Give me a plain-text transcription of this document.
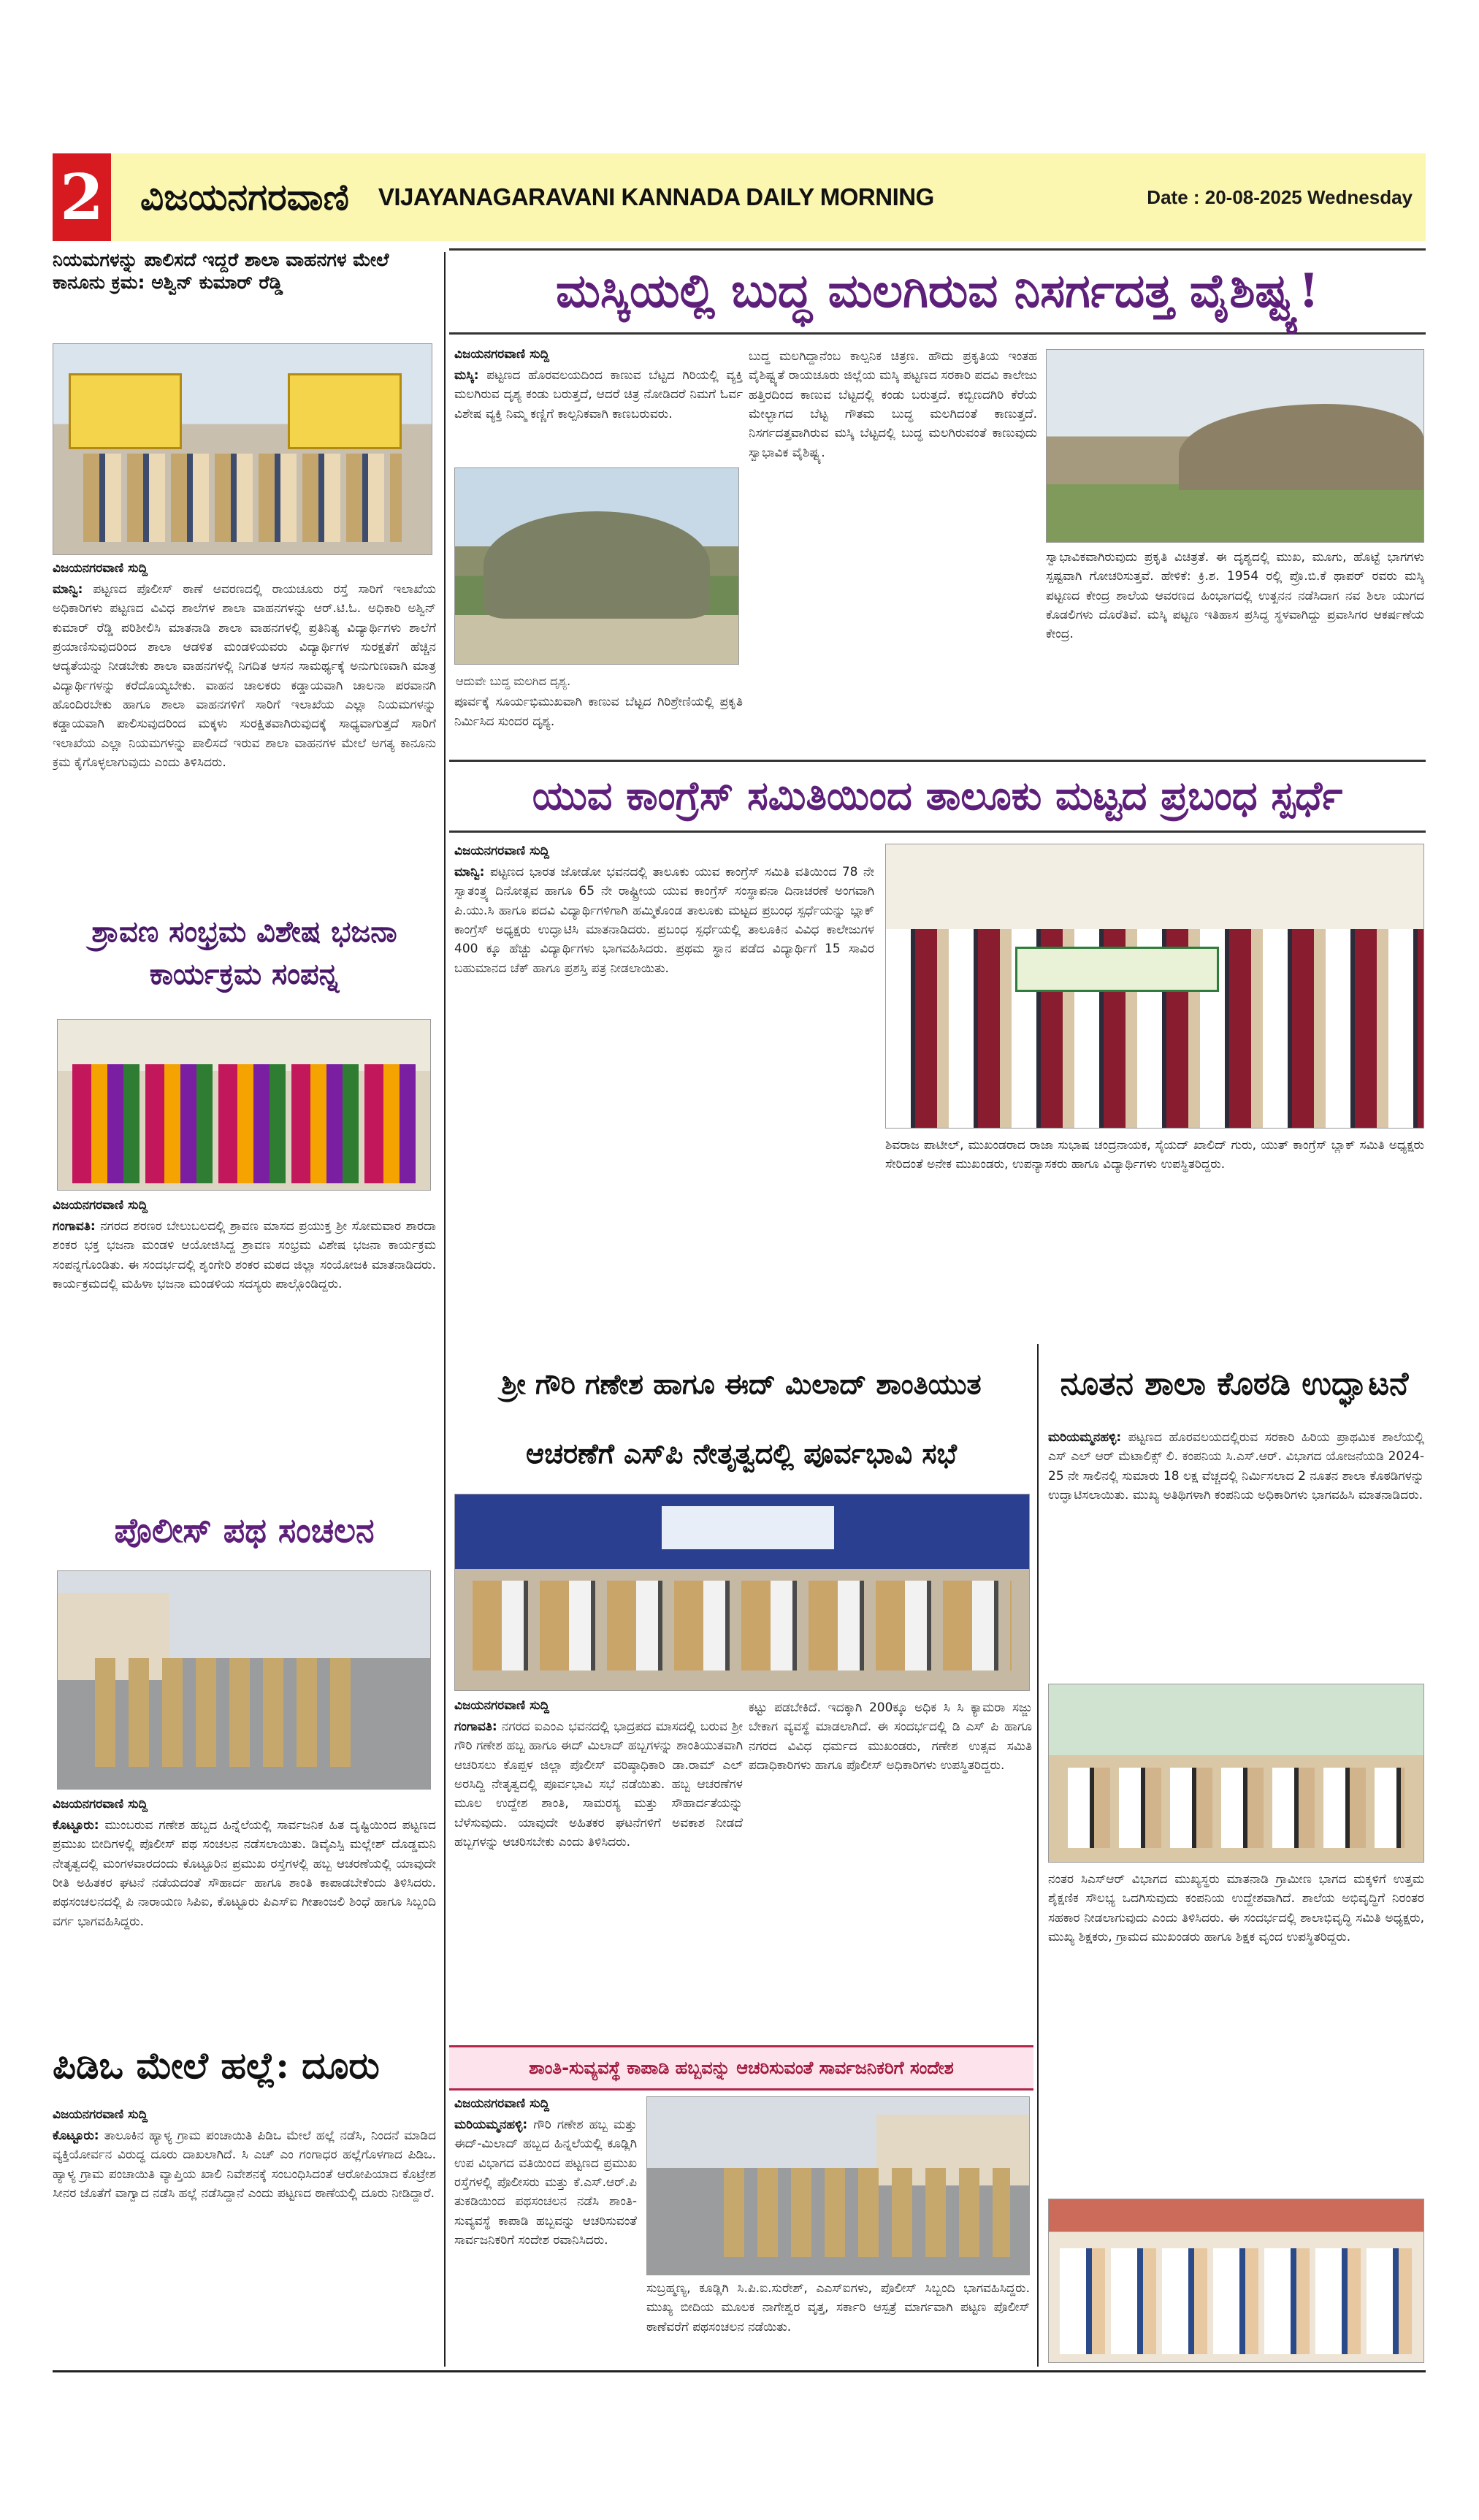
2 ವಿಜಯನಗರವಾಣಿ VIJAYANAGARAVANI KANNADA DAILY MORNING	Date : 20-08-2025 Wednesday
ನಿಯಮಗಳನ್ನು ಪಾಲಿಸದೆ ಇದ್ದರೆ ಶಾಲಾ ವಾಹನಗಳ ಮೇಲೆ ಕಾನೂನು ಕ್ರಮ: ಅಶ್ವಿನ್ ಕುಮಾರ್ ರೆಡ್ಡಿ
ವಿಜಯನಗರವಾಣಿ ಸುದ್ದಿ

ಮಾನ್ವಿ: ಪಟ್ಟಣದ ಪೊಲೀಸ್ ಠಾಣೆ ಆವರಣದಲ್ಲಿ ರಾಯಚೂರು ರಸ್ತೆ ಸಾರಿಗೆ ಇಲಾಖೆಯ ಅಧಿಕಾರಿಗಳು ಪಟ್ಟಣದ ವಿವಿಧ ಶಾಲೆಗಳ ಶಾಲಾ ವಾಹನಗಳನ್ನು ಆರ್.ಟಿ.ಓ. ಅಧಿಕಾರಿ ಅಶ್ವಿನ್ ಕುಮಾರ್ ರೆಡ್ಡಿ ಪರಿಶೀಲಿಸಿ ಮಾತನಾಡಿ ಶಾಲಾ ವಾಹನಗಳಲ್ಲಿ ಪ್ರತಿನಿತ್ಯ ವಿದ್ಯಾರ್ಥಿಗಳು ಶಾಲೆಗೆ ಪ್ರಯಾಣಿಸುವುದರಿಂದ ಶಾಲಾ ಆಡಳಿತ ಮಂಡಳಿಯವರು ವಿದ್ಯಾರ್ಥಿಗಳ ಸುರಕ್ಷತೆಗೆ ಹೆಚ್ಚಿನ ಆದ್ಯತೆಯನ್ನು ನೀಡಬೇಕು ಶಾಲಾ ವಾಹನಗಳಲ್ಲಿ ನಿಗದಿತ ಆಸನ ಸಾಮರ್ಥ್ಯಕ್ಕೆ ಅನುಗುಣವಾಗಿ ಮಾತ್ರ ವಿದ್ಯಾರ್ಥಿಗಳನ್ನು ಕರೆದೊಯ್ಯಬೇಕು. ವಾಹನ ಚಾಲಕರು ಕಡ್ಡಾಯವಾಗಿ ಚಾಲನಾ ಪರವಾನಗಿ ಹೊಂದಿರಬೇಕು ಹಾಗೂ ಶಾಲಾ ವಾಹನಗಳಿಗೆ ಸಾರಿಗೆ ಇಲಾಖೆಯ ಎಲ್ಲಾ ನಿಯಮಗಳನ್ನು ಕಡ್ಡಾಯವಾಗಿ ಪಾಲಿಸುವುದರಿಂದ ಮಕ್ಕಳು ಸುರಕ್ಷಿತವಾಗಿರುವುದಕ್ಕೆ ಸಾಧ್ಯವಾಗುತ್ತದೆ ಸಾರಿಗೆ ಇಲಾಖೆಯ ಎಲ್ಲಾ ನಿಯಮಗಳನ್ನು ಪಾಲಿಸದೆ ಇರುವ ಶಾಲಾ ವಾಹನಗಳ ಮೇಲೆ ಅಗತ್ಯ ಕಾನೂನು ಕ್ರಮ ಕೈಗೊಳ್ಳಲಾಗುವುದು ಎಂದು ತಿಳಿಸಿದರು.

ಶ್ರಾವಣ ಸಂಭ್ರಮ ವಿಶೇಷ ಭಜನಾ ಕಾರ್ಯಕ್ರಮ ಸಂಪನ್ನ
ವಿಜಯನಗರವಾಣಿ ಸುದ್ದಿ

ಗಂಗಾವತಿ: ನಗರದ ಶರಣರ ಬೇಲುಬಲದಲ್ಲಿ ಶ್ರಾವಣ ಮಾಸದ ಪ್ರಯುಕ್ತ ಶ್ರೀ ಸೋಮವಾರ ಶಾರದಾ ಶಂಕರ ಭಕ್ತ ಭಜನಾ ಮಂಡಳಿ ಆಯೋಜಿಸಿದ್ದ ಶ್ರಾವಣ ಸಂಭ್ರಮ ವಿಶೇಷ ಭಜನಾ ಕಾರ್ಯಕ್ರಮ ಸಂಪನ್ನಗೊಂಡಿತು. ಈ ಸಂದರ್ಭದಲ್ಲಿ ಶೃಂಗೇರಿ ಶಂಕರ ಮಠದ ಜಿಲ್ಲಾ ಸಂಯೋಜಕಿ ಮಾತನಾಡಿದರು. ಕಾರ್ಯಕ್ರಮದಲ್ಲಿ ಮಹಿಳಾ ಭಜನಾ ಮಂಡಳಿಯ ಸದಸ್ಯರು ಪಾಲ್ಗೊಂಡಿದ್ದರು.

ಪೊಲೀಸ್ ಪಥ ಸಂಚಲನ
ವಿಜಯನಗರವಾಣಿ ಸುದ್ದಿ

ಕೊಟ್ಟೂರು: ಮುಂಬರುವ ಗಣೇಶ ಹಬ್ಬದ ಹಿನ್ನೆಲೆಯಲ್ಲಿ ಸಾರ್ವಜನಿಕ ಹಿತ ದೃಷ್ಟಿಯಿಂದ ಪಟ್ಟಣದ ಪ್ರಮುಖ ಬೀದಿಗಳಲ್ಲಿ ಪೊಲೀಸ್ ಪಥ ಸಂಚಲನ ನಡೆಸಲಾಯಿತು. ಡಿವೈಎಸ್ಪಿ ಮಲ್ಲೇಶ್ ದೊಡ್ಡಮನಿ ನೇತೃತ್ವದಲ್ಲಿ ಮಂಗಳವಾರದಂದು ಕೊಟ್ಟೂರಿನ ಪ್ರಮುಖ ರಸ್ತೆಗಳಲ್ಲಿ ಹಬ್ಬ ಆಚರಣೆಯಲ್ಲಿ ಯಾವುದೇ ರೀತಿ ಅಹಿತಕರ ಘಟನೆ ನಡೆಯದಂತೆ ಸೌಹಾರ್ದ ಹಾಗೂ ಶಾಂತಿ ಕಾಪಾಡಬೇಕೆಂದು ತಿಳಿಸಿದರು. ಪಥಸಂಚಲನದಲ್ಲಿ ಪಿ ನಾರಾಯಣ ಸಿಪಿಐ, ಕೊಟ್ಟೂರು ಪಿಎಸ್ಐ ಗೀತಾಂಜಲಿ ಶಿಂಧೆ ಹಾಗೂ ಸಿಬ್ಬಂದಿ ವರ್ಗ ಭಾಗವಹಿಸಿದ್ದರು.

ಪಿಡಿಒ ಮೇಲೆ ಹಲ್ಲೆ: ದೂರು
ವಿಜಯನಗರವಾಣಿ ಸುದ್ದಿ

ಕೊಟ್ಟೂರು: ತಾಲೂಕಿನ ಹ್ಯಾಳ್ಯ ಗ್ರಾಮ ಪಂಚಾಯಿತಿ ಪಿಡಿಒ ಮೇಲೆ ಹಲ್ಲೆ ನಡೆಸಿ, ನಿಂದನೆ ಮಾಡಿದ ವ್ಯಕ್ತಿಯೋರ್ವನ ವಿರುದ್ಧ ದೂರು ದಾಖಲಾಗಿದೆ. ಸಿ ಎಚ್ ಎಂ ಗಂಗಾಧರ ಹಲ್ಲೆಗೊಳಗಾದ ಪಿಡಿಒ. ಹ್ಯಾಳ್ಯ ಗ್ರಾಮ ಪಂಚಾಯಿತಿ ವ್ಯಾಪ್ತಿಯ ಖಾಲಿ ನಿವೇಶನಕ್ಕೆ ಸಂಬಂಧಿಸಿದಂತೆ ಆರೋಪಿಯಾದ ಕೊಟ್ರೇಶ ಸೀನರ ಜೊತೆಗೆ ವಾಗ್ವಾದ ನಡೆಸಿ ಹಲ್ಲೆ ನಡೆಸಿದ್ದಾನೆ ಎಂದು ಪಟ್ಟಣದ ಠಾಣೆಯಲ್ಲಿ ದೂರು ನೀಡಿದ್ದಾರೆ.

ಮಸ್ಕಿಯಲ್ಲಿ ಬುದ್ಧ ಮಲಗಿರುವ ನಿಸರ್ಗದತ್ತ ವೈಶಿಷ್ಟ್ಯ!
ವಿಜಯನಗರವಾಣಿ ಸುದ್ದಿ

ಮಸ್ಕಿ: ಪಟ್ಟಣದ ಹೊರವಲಯದಿಂದ ಕಾಣುವ ಬೆಟ್ಟದ ಗಿರಿಯಲ್ಲಿ ವ್ಯಕ್ತಿ ಮಲಗಿರುವ ದೃಶ್ಯ ಕಂಡು ಬರುತ್ತದೆ, ಆದರೆ ಚಿತ್ರ ನೋಡಿದರೆ ನಿಮಗೆ ಓರ್ವ ವಿಶೇಷ ವ್ಯಕ್ತಿ ನಿಮ್ಮ ಕಣ್ಣಿಗೆ ಕಾಲ್ಪನಿಕವಾಗಿ ಕಾಣಬರುವರು.

ಆದುವೇ ಬುದ್ಧ ಮಲಗಿದ ದೃಶ್ಯ.

ಪೂರ್ವಕ್ಕೆ ಸೂರ್ಯಭಿಮುಖವಾಗಿ ಕಾಣುವ ಬೆಟ್ಟದ ಗಿರಿಶ್ರೇಣಿಯಲ್ಲಿ ಪ್ರಕೃತಿ ನಿರ್ಮಿಸಿದ ಸುಂದರ ದೃಶ್ಯ.

ಬುದ್ಧ ಮಲಗಿದ್ದಾನೆಂಬ ಕಾಲ್ಪನಿಕ ಚಿತ್ರಣ. ಹೌದು ಪ್ರಕೃತಿಯ ಇಂತಹ ವೈಶಿಷ್ಟ್ಯತೆ ರಾಯಚೂರು ಜಿಲ್ಲೆಯ ಮಸ್ಕಿ ಪಟ್ಟಣದ ಸರಕಾರಿ ಪದವಿ ಕಾಲೇಜು ಹತ್ತಿರದಿಂದ ಕಾಣುವ ಬೆಟ್ಟದಲ್ಲಿ ಕಂಡು ಬರುತ್ತದೆ. ಕಬ್ಬಿಣದಗಿರಿ ಕೆರೆಯ ಮೇಲ್ಭಾಗದ ಬೆಟ್ಟ ಗೌತಮ ಬುದ್ಧ ಮಲಗಿದಂತೆ ಕಾಣುತ್ತದೆ. ನಿಸರ್ಗದತ್ತವಾಗಿರುವ ಮಸ್ಕಿ ಬೆಟ್ಟದಲ್ಲಿ ಬುದ್ಧ ಮಲಗಿರುವಂತೆ ಕಾಣುವುದು ಸ್ವಾಭಾವಿಕ ವೈಶಿಷ್ಟ್ಯ.

ಸ್ವಾಭಾವಿಕವಾಗಿರುವುದು ಪ್ರಕೃತಿ ವಿಚಿತ್ರತೆ. ಈ ದೃಶ್ಯದಲ್ಲಿ ಮುಖ, ಮೂಗು, ಹೊಟ್ಟೆ ಭಾಗಗಳು ಸ್ಪಷ್ಟವಾಗಿ ಗೋಚರಿಸುತ್ತವೆ. ಹೇಳಿಕೆ: ಕ್ರಿ.ಶ. 1954 ರಲ್ಲಿ ಪ್ರೊ.ಬಿ.ಕೆ ಥಾಪರ್ ರವರು ಮಸ್ಕಿ ಪಟ್ಟಣದ ಕೇಂದ್ರ ಶಾಲೆಯ ಆವರಣದ ಹಿಂಭಾಗದಲ್ಲಿ ಉತ್ಖನನ ನಡೆಸಿದಾಗ ನವ ಶಿಲಾ ಯುಗದ ಕೊಡಲಿಗಳು ದೊರೆತಿವೆ. ಮಸ್ಕಿ ಪಟ್ಟಣ ಇತಿಹಾಸ ಪ್ರಸಿದ್ಧ ಸ್ಥಳವಾಗಿದ್ದು ಪ್ರವಾಸಿಗರ ಆಕರ್ಷಣೆಯ ಕೇಂದ್ರ.

ಯುವ ಕಾಂಗ್ರೆಸ್ ಸಮಿತಿಯಿಂದ ತಾಲೂಕು ಮಟ್ಟದ ಪ್ರಬಂಧ ಸ್ಪರ್ಧೆ
ವಿಜಯನಗರವಾಣಿ ಸುದ್ದಿ

ಮಾನ್ವಿ: ಪಟ್ಟಣದ ಭಾರತ ಜೋಡೋ ಭವನದಲ್ಲಿ ತಾಲೂಕು ಯುವ ಕಾಂಗ್ರೆಸ್ ಸಮಿತಿ ವತಿಯಿಂದ 78 ನೇ ಸ್ವಾತಂತ್ರ್ಯ ದಿನೋತ್ಸವ ಹಾಗೂ 65 ನೇ ರಾಷ್ಟ್ರೀಯ ಯುವ ಕಾಂಗ್ರೆಸ್ ಸಂಸ್ಥಾಪನಾ ದಿನಾಚರಣೆ ಅಂಗವಾಗಿ ಪಿ.ಯು.ಸಿ ಹಾಗೂ ಪದವಿ ವಿದ್ಯಾರ್ಥಿಗಳಿಗಾಗಿ ಹಮ್ಮಿಕೊಂಡ ತಾಲೂಕು ಮಟ್ಟದ ಪ್ರಬಂಧ ಸ್ಪರ್ಧೆಯನ್ನು ಬ್ಲಾಕ್ ಕಾಂಗ್ರೆಸ್ ಅಧ್ಯಕ್ಷರು ಉದ್ಘಾಟಿಸಿ ಮಾತನಾಡಿದರು. ಪ್ರಬಂಧ ಸ್ಪರ್ಧೆಯಲ್ಲಿ ತಾಲೂಕಿನ ವಿವಿಧ ಕಾಲೇಜುಗಳ 400 ಕ್ಕೂ ಹೆಚ್ಚು ವಿದ್ಯಾರ್ಥಿಗಳು ಭಾಗವಹಿಸಿದರು. ಪ್ರಥಮ ಸ್ಥಾನ ಪಡೆದ ವಿದ್ಯಾರ್ಥಿಗೆ 15 ಸಾವಿರ ಬಹುಮಾನದ ಚೆಕ್ ಹಾಗೂ ಪ್ರಶಸ್ತಿ ಪತ್ರ ನೀಡಲಾಯಿತು.

ಶಿವರಾಜ ಪಾಟೀಲ್, ಮುಖಂಡರಾದ ರಾಜಾ ಸುಭಾಷ ಚಂದ್ರನಾಯಕ, ಸೈಯದ್ ಖಾಲಿದ್ ಗುರು, ಯುತ್ ಕಾಂಗ್ರೆಸ್ ಬ್ಲಾಕ್ ಸಮಿತಿ ಅಧ್ಯಕ್ಷರು ಸೇರಿದಂತೆ ಅನೇಕ ಮುಖಂಡರು, ಉಪನ್ಯಾಸಕರು ಹಾಗೂ ವಿದ್ಯಾರ್ಥಿಗಳು ಉಪಸ್ಥಿತರಿದ್ದರು.

ಶ್ರೀ ಗೌರಿ ಗಣೇಶ ಹಾಗೂ ಈದ್ ಮಿಲಾದ್ ಶಾಂತಿಯುತ
ಆಚರಣೆಗೆ ಎಸ್‌ಪಿ ನೇತೃತ್ವದಲ್ಲಿ ಪೂರ್ವಭಾವಿ ಸಭೆ
ವಿಜಯನಗರವಾಣಿ ಸುದ್ದಿ

ಗಂಗಾವತಿ: ನಗರದ ಐಎಂಎ ಭವನದಲ್ಲಿ ಭಾದ್ರಪದ ಮಾಸದಲ್ಲಿ ಬರುವ ಶ್ರೀ ಗೌರಿ ಗಣೇಶ ಹಬ್ಬ ಹಾಗೂ ಈದ್ ಮಿಲಾದ್ ಹಬ್ಬಗಳನ್ನು ಶಾಂತಿಯುತವಾಗಿ ಆಚರಿಸಲು ಕೊಪ್ಪಳ ಜಿಲ್ಲಾ ಪೊಲೀಸ್ ವರಿಷ್ಠಾಧಿಕಾರಿ ಡಾ.ರಾಮ್ ಎಲ್ ಅರಸಿದ್ದಿ ನೇತೃತ್ವದಲ್ಲಿ ಪೂರ್ವಭಾವಿ ಸಭೆ ನಡೆಯಿತು. ಹಬ್ಬ ಆಚರಣೆಗಳ ಮೂಲ ಉದ್ದೇಶ ಶಾಂತಿ, ಸಾಮರಸ್ಯ ಮತ್ತು ಸೌಹಾರ್ದತೆಯನ್ನು ಬೆಳೆಸುವುದು. ಯಾವುದೇ ಅಹಿತಕರ ಘಟನೆಗಳಿಗೆ ಅವಕಾಶ ನೀಡದೆ ಹಬ್ಬಗಳನ್ನು ಆಚರಿಸಬೇಕು ಎಂದು ತಿಳಿಸಿದರು.

ಕಟ್ಟು ಪಡಬೇಕಿದೆ. ಇದಕ್ಕಾಗಿ 200ಕ್ಕೂ ಅಧಿಕ ಸಿ ಸಿ ಕ್ಯಾಮರಾ ಸಜ್ಜು ಬೇಕಾಗ ವ್ಯವಸ್ಥೆ ಮಾಡಲಾಗಿದೆ. ಈ ಸಂದರ್ಭದಲ್ಲಿ ಡಿ ಎಸ್ ಪಿ ಹಾಗೂ ನಗರದ ವಿವಿಧ ಧರ್ಮದ ಮುಖಂಡರು, ಗಣೇಶ ಉತ್ಸವ ಸಮಿತಿ ಪದಾಧಿಕಾರಿಗಳು ಹಾಗೂ ಪೊಲೀಸ್ ಅಧಿಕಾರಿಗಳು ಉಪಸ್ಥಿತರಿದ್ದರು.

ಶಾಂತಿ-ಸುವ್ಯವಸ್ಥೆ ಕಾಪಾಡಿ ಹಬ್ಬವನ್ನು ಆಚರಿಸುವಂತೆ ಸಾರ್ವಜನಿಕರಿಗೆ ಸಂದೇಶ
ವಿಜಯನಗರವಾಣಿ ಸುದ್ದಿ

ಮರಿಯಮ್ಮನಹಳ್ಳಿ: ಗೌರಿ ಗಣೇಶ ಹಬ್ಬ ಮತ್ತು ಈದ್-ಮಿಲಾದ್ ಹಬ್ಬದ ಹಿನ್ನಲೆಯಲ್ಲಿ ಕೂಡ್ಲಿಗಿ ಉಪ ವಿಭಾಗದ ವತಿಯಿಂದ ಪಟ್ಟಣದ ಪ್ರಮುಖ ರಸ್ತೆಗಳಲ್ಲಿ ಪೊಲೀಸರು ಮತ್ತು ಕೆ.ಎಸ್.ಆರ್.ಪಿ ತುಕಡಿಯಿಂದ ಪಥಸಂಚಲನ ನಡೆಸಿ ಶಾಂತಿ-ಸುವ್ಯವಸ್ಥೆ ಕಾಪಾಡಿ ಹಬ್ಬವನ್ನು ಆಚರಿಸುವಂತೆ ಸಾರ್ವಜನಿಕರಿಗೆ ಸಂದೇಶ ರವಾನಿಸಿದರು.

ಸುಬ್ರಹ್ಮಣ್ಯ, ಕೂಡ್ಲಿಗಿ ಸಿ.ಪಿ.ಐ.ಸುರೇಶ್, ಎಎಸ್‌ಐಗಳು, ಪೊಲೀಸ್ ಸಿಬ್ಬಂದಿ ಭಾಗವಹಿಸಿದ್ದರು. ಮುಖ್ಯ ಬೀದಿಯ ಮೂಲಕ ನಾಗೇಶ್ವರ ವೃತ್ತ, ಸರ್ಕಾರಿ ಆಸ್ಪತ್ರೆ ಮಾರ್ಗವಾಗಿ ಪಟ್ಟಣ ಪೊಲೀಸ್ ಠಾಣೆವರೆಗೆ ಪಥಸಂಚಲನ ನಡೆಯಿತು.

ನೂತನ ಶಾಲಾ ಕೊಠಡಿ ಉದ್ಘಾಟನೆ

ಮರಿಯಮ್ಮನಹಳ್ಳಿ: ಪಟ್ಟಣದ ಹೊರವಲಯದಲ್ಲಿರುವ ಸರಕಾರಿ ಹಿರಿಯ ಪ್ರಾಥಮಿಕ ಶಾಲೆಯಲ್ಲಿ ಎಸ್ ಎಲ್ ಆರ್ ಮೆಟಾಲಿಕ್ಸ್ ಲಿ. ಕಂಪನಿಯ ಸಿ.ಎಸ್.ಆರ್. ವಿಭಾಗದ ಯೋಜನೆಯಡಿ 2024-25 ನೇ ಸಾಲಿನಲ್ಲಿ ಸುಮಾರು 18 ಲಕ್ಷ ವೆಚ್ಚದಲ್ಲಿ ನಿರ್ಮಿಸಲಾದ 2 ನೂತನ ಶಾಲಾ ಕೊಠಡಿಗಳನ್ನು ಉದ್ಘಾಟಿಸಲಾಯಿತು. ಮುಖ್ಯ ಅತಿಥಿಗಳಾಗಿ ಕಂಪನಿಯ ಅಧಿಕಾರಿಗಳು ಭಾಗವಹಿಸಿ ಮಾತನಾಡಿದರು.

ನಂತರ ಸಿಎಸ್‌ಆರ್ ವಿಭಾಗದ ಮುಖ್ಯಸ್ಥರು ಮಾತನಾಡಿ ಗ್ರಾಮೀಣ ಭಾಗದ ಮಕ್ಕಳಿಗೆ ಉತ್ತಮ ಶೈಕ್ಷಣಿಕ ಸೌಲಭ್ಯ ಒದಗಿಸುವುದು ಕಂಪನಿಯ ಉದ್ದೇಶವಾಗಿದೆ. ಶಾಲೆಯ ಅಭಿವೃದ್ಧಿಗೆ ನಿರಂತರ ಸಹಕಾರ ನೀಡಲಾಗುವುದು ಎಂದು ತಿಳಿಸಿದರು. ಈ ಸಂದರ್ಭದಲ್ಲಿ ಶಾಲಾಭಿವೃದ್ಧಿ ಸಮಿತಿ ಅಧ್ಯಕ್ಷರು, ಮುಖ್ಯ ಶಿಕ್ಷಕರು, ಗ್ರಾಮದ ಮುಖಂಡರು ಹಾಗೂ ಶಿಕ್ಷಕ ವೃಂದ ಉಪಸ್ಥಿತರಿದ್ದರು.
